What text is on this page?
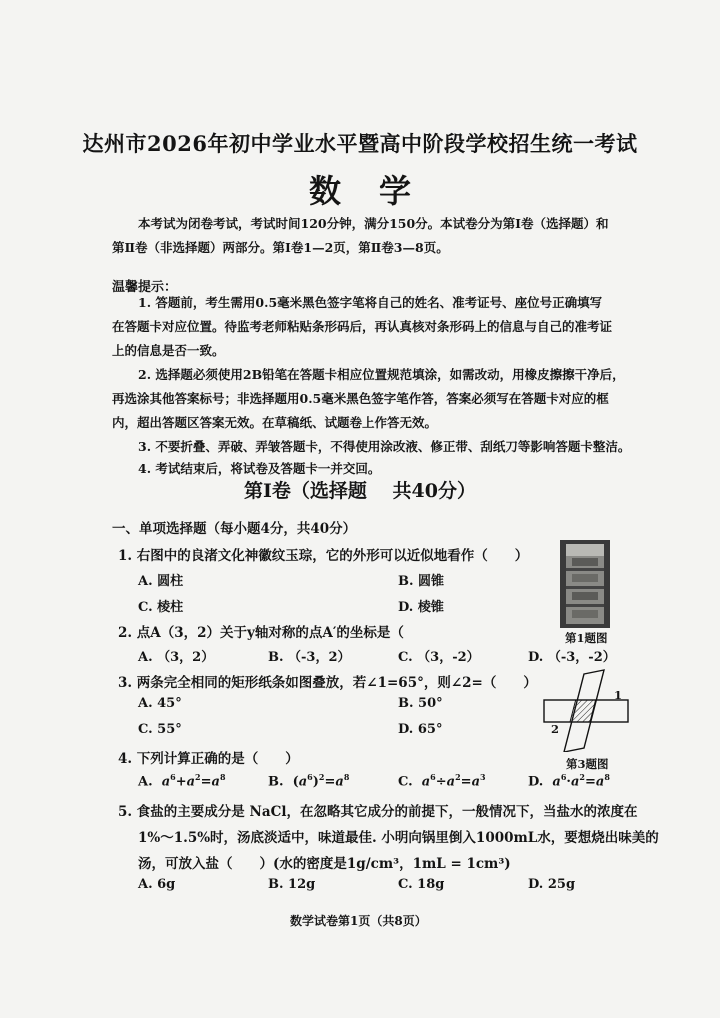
达州市2026年初中学业水平暨高中阶段学校招生统一考试
数学
本考试为闭卷考试，考试时间120分钟，满分150分。本试卷分为第Ⅰ卷（选择题）和
第Ⅱ卷（非选择题）两部分。第Ⅰ卷1—2页，第Ⅱ卷3—8页。
温馨提示：
1. 答题前，考生需用0.5毫米黑色签字笔将自己的姓名、准考证号、座位号正确填写
在答题卡对应位置。待监考老师粘贴条形码后，再认真核对条形码上的信息与自己的准考证
上的信息是否一致。
2. 选择题必须使用2B铅笔在答题卡相应位置规范填涂，如需改动，用橡皮擦擦干净后，
再选涂其他答案标号；非选择题用0.5毫米黑色签字笔作答，答案必须写在答题卡对应的框
内，超出答题区答案无效。在草稿纸、试题卷上作答无效。
3. 不要折叠、弄破、弄皱答题卡，不得使用涂改液、修正带、刮纸刀等影响答题卡整洁。
4. 考试结束后，将试卷及答题卡一并交回。
第Ⅰ卷（选择题　 共40分）
一、单项选择题（每小题4分，共40分）
1. 右图中的良渚文化神徽纹玉琮，它的外形可以近似地看作（　　）
A. 圆柱	B. 圆锥
C. 棱柱	D. 棱锥
第1题图
2. 点A（3，2）关于y轴对称的点A′的坐标是（
A. （3，2）	B. （-3，2）	C. （3，-2）	D. （-3，-2）
3. 两条完全相同的矩形纸条如图叠放，若∠1=65°，则∠2=（　　）
A. 45°	B. 50°
C. 55°	D. 65°
1
2
第3题图
4. 下列计算正确的是（　　）
A. $a^6+a^2=a^8$	B.  $(a^6)^2=a^8$	C. $a^6\div a^2=a^3$	D. $a^6\cdot a^2=a^8$
5. 食盐的主要成分是 NaCl，在忽略其它成分的前提下，一般情况下，当盐水的浓度在
1%～1.5%时，汤底淡适中，味道最佳. 小明向锅里倒入1000mL水，要想烧出味美的
汤，可放入盐（　　）(水的密度是1g/cm³，1mL = 1cm³)
A. 6g	B. 12g	C. 18g	D. 25g
数学试卷第1页（共8页）
